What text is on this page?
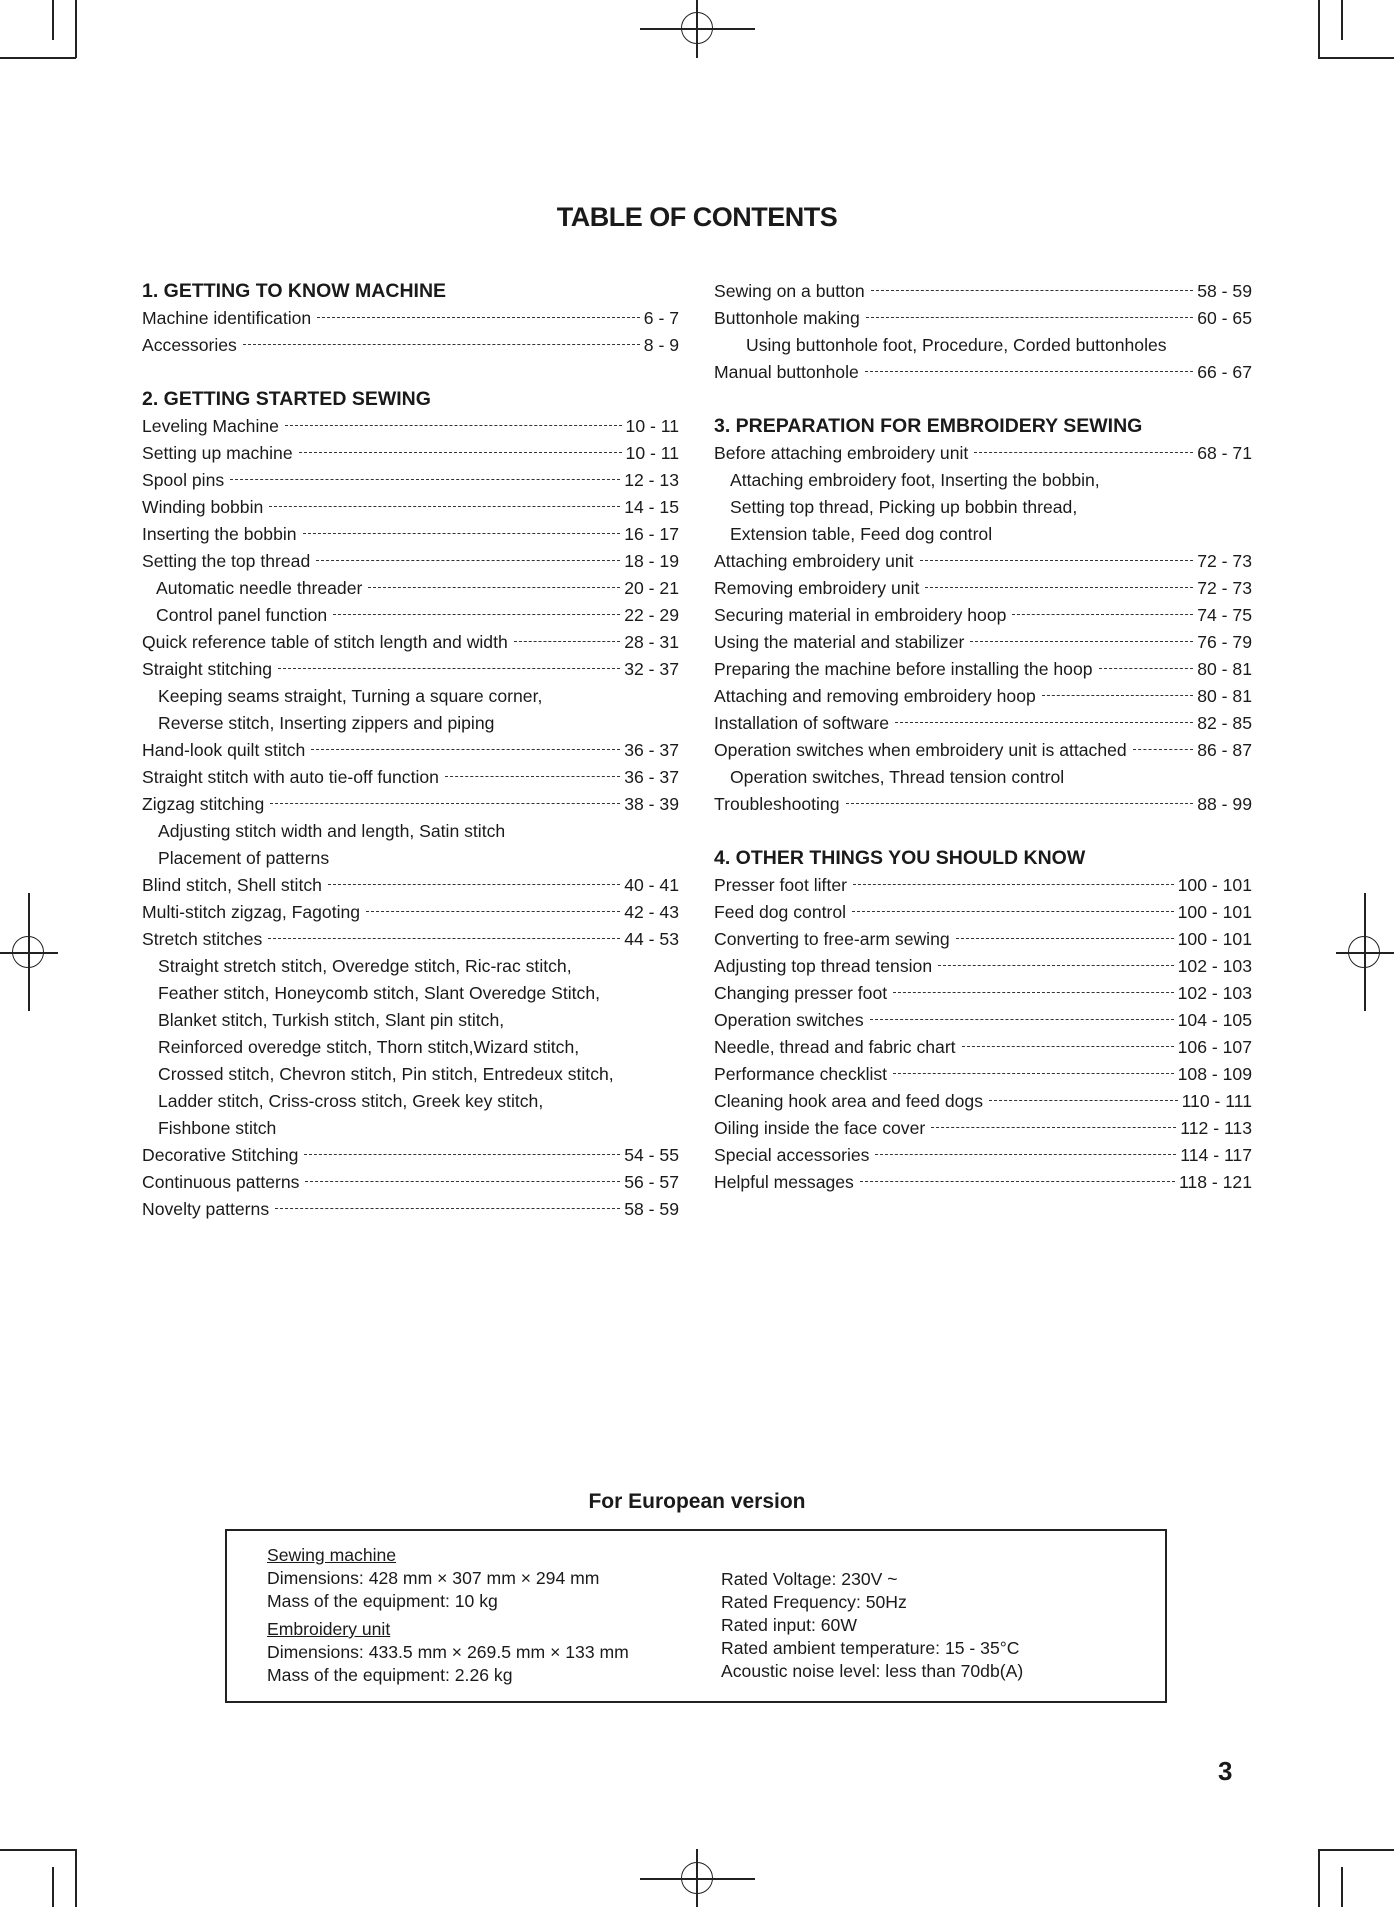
TABLE OF CONTENTS
1. GETTING TO KNOW MACHINE
Machine identification	6 - 7
Accessories	8 - 9
2. GETTING STARTED SEWING
Leveling Machine	10 - 11
Setting up machine	10 - 11
Spool pins	12 - 13
Winding bobbin	14 - 15
Inserting the bobbin	16 - 17
Setting the top thread	18 - 19
Automatic needle threader	20 - 21
Control panel function	22 - 29
Quick reference table of stitch length and width	28 - 31
Straight stitching	32 - 37
Keeping seams straight, Turning a square corner,
Reverse stitch, Inserting zippers and piping
Hand-look quilt stitch	36 - 37
Straight stitch with auto tie-off function	36 - 37
Zigzag stitching	38 - 39
Adjusting stitch width and length, Satin stitch
Placement of patterns
Blind stitch, Shell stitch	40 - 41
Multi-stitch zigzag, Fagoting	42 - 43
Stretch stitches	44 - 53
Straight stretch stitch, Overedge stitch, Ric-rac stitch,
Feather stitch, Honeycomb stitch, Slant Overedge Stitch,
Blanket stitch, Turkish stitch, Slant pin stitch,
Reinforced overedge stitch, Thorn stitch,Wizard stitch,
Crossed stitch, Chevron stitch, Pin stitch, Entredeux stitch,
Ladder stitch, Criss-cross stitch, Greek key stitch,
Fishbone stitch
Decorative Stitching	54 - 55
Continuous patterns	56 - 57
Novelty patterns	58 - 59
Sewing on a button	58 - 59
Buttonhole making	60 - 65
Using buttonhole foot, Procedure, Corded buttonholes
Manual buttonhole	66 - 67
3. PREPARATION FOR EMBROIDERY SEWING
Before attaching embroidery unit	68 - 71
Attaching embroidery foot, Inserting the bobbin,
Setting top thread, Picking up bobbin thread,
Extension table, Feed dog control
Attaching embroidery unit	72 - 73
Removing embroidery unit	72 - 73
Securing material in embroidery hoop	74 - 75
Using the material and stabilizer	76 - 79
Preparing the machine before installing the hoop	80 - 81
Attaching and removing embroidery hoop	80 - 81
Installation of software	82 - 85
Operation switches when embroidery unit is attached	86 - 87
Operation switches, Thread tension control
Troubleshooting	88 - 99
4. OTHER THINGS YOU SHOULD KNOW
Presser foot lifter	100 - 101
Feed dog control	100 - 101
Converting to free-arm sewing	100 - 101
Adjusting top thread tension	102 - 103
Changing presser foot	102 - 103
Operation switches	104 - 105
Needle, thread and fabric chart	106 - 107
Performance checklist	108 - 109
Cleaning hook area and feed dogs	110 - 111
Oiling inside the face cover	112 - 113
Special accessories	114 - 117
Helpful messages	118 - 121
For European version
Sewing machine
Dimensions: 428 mm × 307 mm × 294 mm
Mass of the equipment: 10 kg
Embroidery unit
Dimensions: 433.5 mm × 269.5 mm × 133 mm
Mass of the equipment: 2.26 kg
Rated Voltage: 230V ~
Rated Frequency: 50Hz
Rated input: 60W
Rated ambient temperature: 15 - 35°C
Acoustic noise level: less than 70db(A)
3
